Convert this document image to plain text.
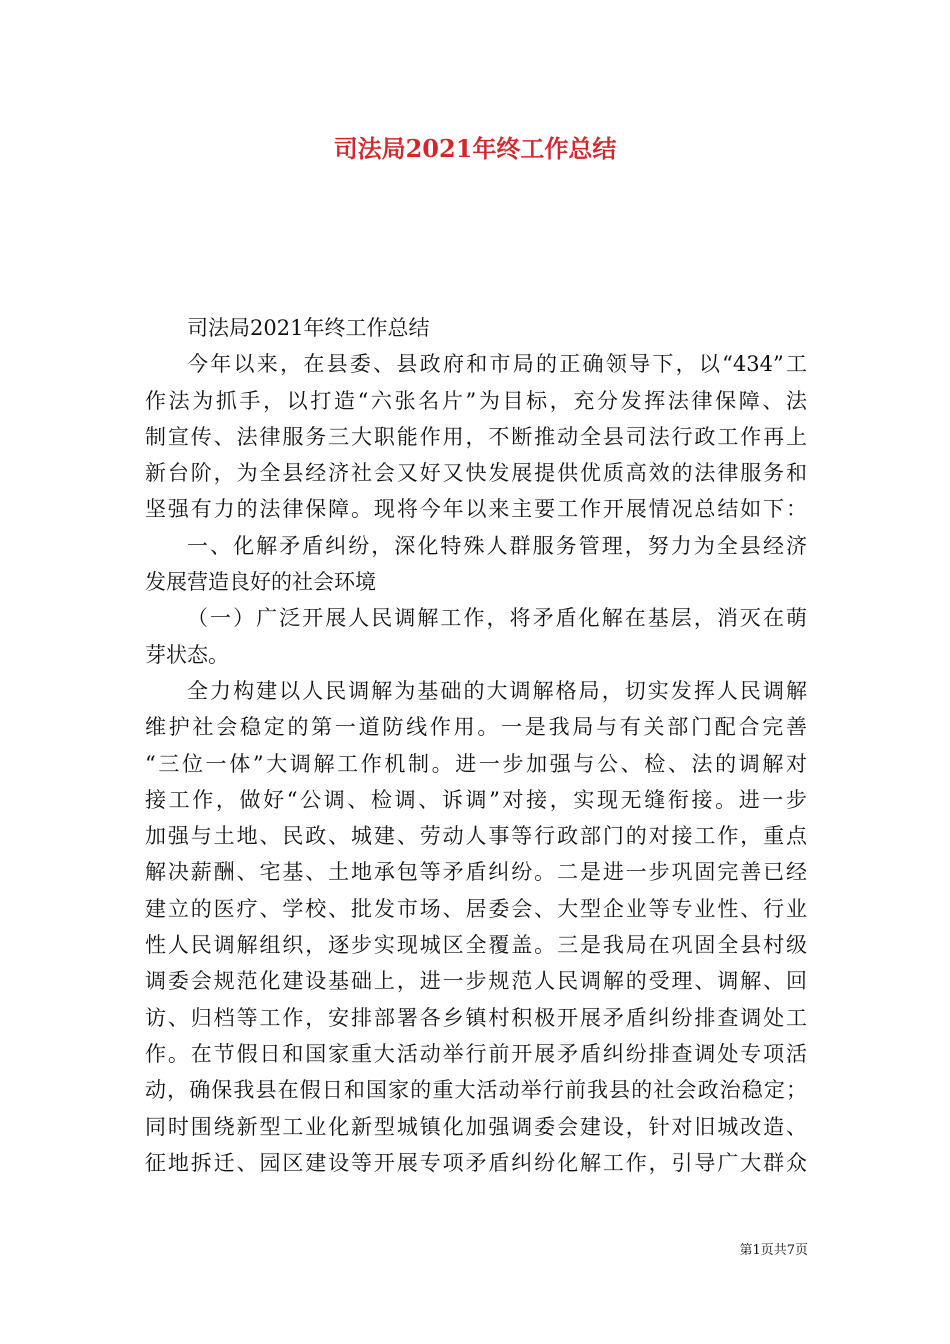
司法局2021年终工作总结
司法局2021年终工作总结
今年以来，在县委、县政府和市局的正确领导下，以“434”工
作法为抓手，以打造“六张名片”为目标，充分发挥法律保障、法
制宣传、法律服务三大职能作用，不断推动全县司法行政工作再上
新台阶，为全县经济社会又好又快发展提供优质高效的法律服务和
坚强有力的法律保障。现将今年以来主要工作开展情况总结如下：
一、化解矛盾纠纷，深化特殊人群服务管理，努力为全县经济
发展营造良好的社会环境
（一）广泛开展人民调解工作，将矛盾化解在基层，消灭在萌
芽状态。
全力构建以人民调解为基础的大调解格局，切实发挥人民调解
维护社会稳定的第一道防线作用。一是我局与有关部门配合完善
“三位一体”大调解工作机制。进一步加强与公、检、法的调解对
接工作，做好“公调、检调、诉调”对接，实现无缝衔接。进一步
加强与土地、民政、城建、劳动人事等行政部门的对接工作，重点
解决薪酬、宅基、土地承包等矛盾纠纷。二是进一步巩固完善已经
建立的医疗、学校、批发市场、居委会、大型企业等专业性、行业
性人民调解组织，逐步实现城区全覆盖。三是我局在巩固全县村级
调委会规范化建设基础上，进一步规范人民调解的受理、调解、回
访、归档等工作，安排部署各乡镇村积极开展矛盾纠纷排查调处工
作。在节假日和国家重大活动举行前开展矛盾纠纷排查调处专项活
动，确保我县在假日和国家的重大活动举行前我县的社会政治稳定；
同时围绕新型工业化新型城镇化加强调委会建设，针对旧城改造、
征地拆迁、园区建设等开展专项矛盾纠纷化解工作，引导广大群众
第1页共7页
